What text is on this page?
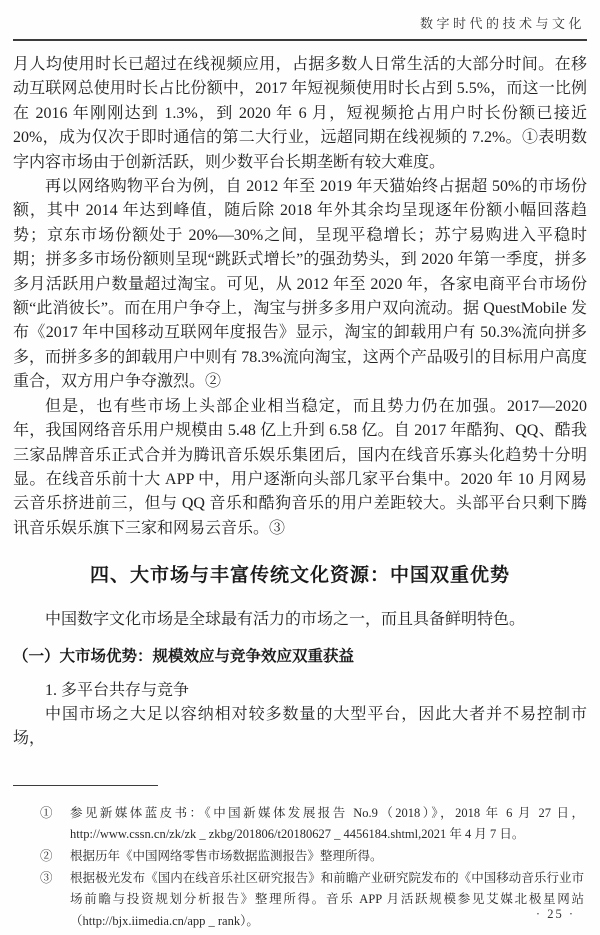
数字时代的技术与文化

月人均使用时长已超过在线视频应用，占据多数人日常生活的大部分时间。在移动互联网总使用时长占比份额中，2017 年短视频使用时长占到 5.5%，而这一比例在 2016 年刚刚达到 1.3%，到 2020 年 6 月，短视频抢占用户时长份额已接近 20%，成为仅次于即时通信的第二大行业，远超同期在线视频的 7.2%。①表明数字内容市场由于创新活跃，则少数平台长期垄断有较大难度。

再以网络购物平台为例，自 2012 年至 2019 年天猫始终占据超 50%的市场份额，其中 2014 年达到峰值，随后除 2018 年外其余均呈现逐年份额小幅回落趋势；京东市场份额处于 20%—30%之间，呈现平稳增长；苏宁易购进入平稳时期；拼多多市场份额则呈现“跳跃式增长”的强劲势头，到 2020 年第一季度，拼多多月活跃用户数量超过淘宝。可见，从 2012 年至 2020 年，各家电商平台市场份额“此消彼长”。而在用户争夺上，淘宝与拼多多用户双向流动。据 QuestMobile 发布《2017 年中国移动互联网年度报告》显示，淘宝的卸载用户有 50.3%流向拼多多，而拼多多的卸载用户中则有 78.3%流向淘宝，这两个产品吸引的目标用户高度重合，双方用户争夺激烈。②

但是，也有些市场上头部企业相当稳定，而且势力仍在加强。2017—2020 年，我国网络音乐用户规模由 5.48 亿上升到 6.58 亿。自 2017 年酷狗、QQ、酷我三家品牌音乐正式合并为腾讯音乐娱乐集团后，国内在线音乐寡头化趋势十分明显。在线音乐前十大 APP 中，用户逐渐向头部几家平台集中。2020 年 10 月网易云音乐挤进前三，但与 QQ 音乐和酷狗音乐的用户差距较大。头部平台只剩下腾讯音乐娱乐旗下三家和网易云音乐。③

四、大市场与丰富传统文化资源：中国双重优势

中国数字文化市场是全球最有活力的市场之一，而且具备鲜明特色。

（一）大市场优势：规模效应与竞争效应双重获益

1. 多平台共存与竞争

中国市场之大足以容纳相对较多数量的大型平台，因此大者并不易控制市场，

① 参见新媒体蓝皮书：《中国新媒体发展报告 No.9（2018）》，2018 年 6 月 27 日，http://www.cssn.cn/zk/zk _ zkbg/201806/t20180627 _ 4456184.shtml,2021 年 4 月 7 日。
② 根据历年《中国网络零售市场数据监测报告》整理所得。
③ 根据极光发布《国内在线音乐社区研究报告》和前瞻产业研究院发布的《中国移动音乐行业市场前瞻与投资规划分析报告》整理所得。音乐 APP 月活跃规模参见艾媒北极星网站（http://bjx.iimedia.cn/app _ rank）。	· 25 ·
